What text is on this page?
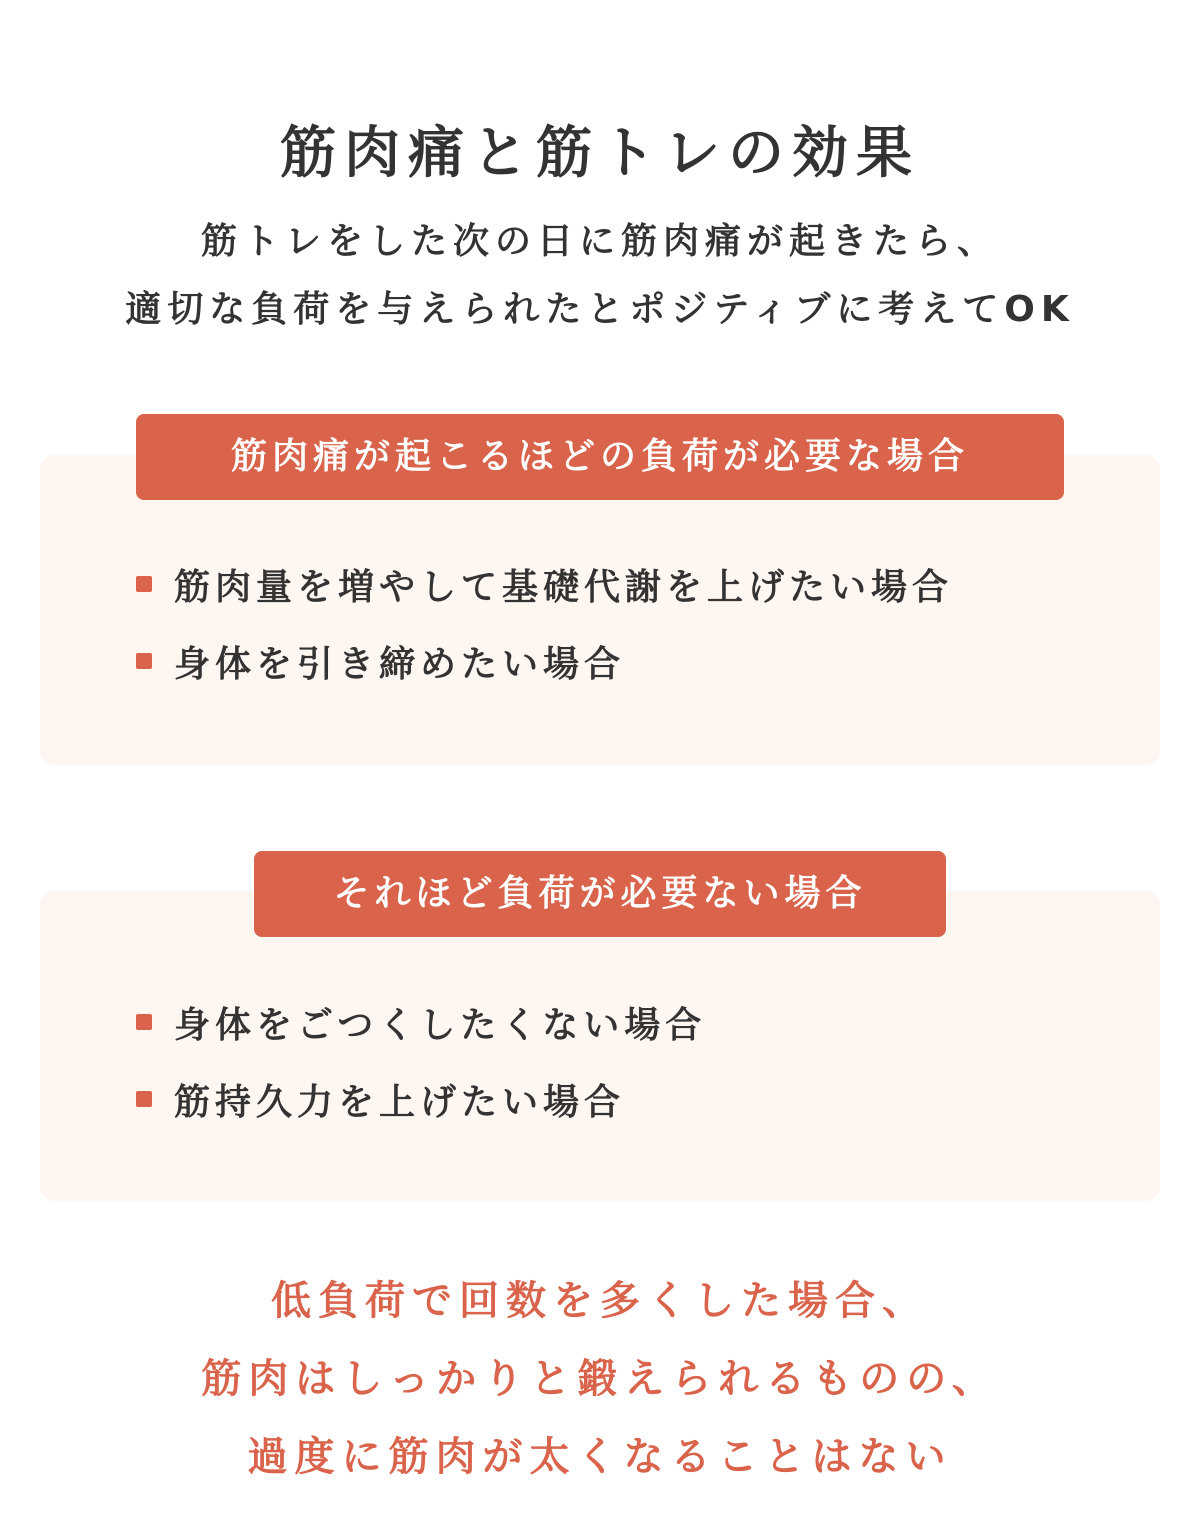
筋肉痛と筋トレの効果

筋トレをした次の日に筋肉痛が起きたら、
適切な負荷を与えられたとポジティブに考えてOK

筋肉痛が起こるほどの負荷が必要な場合
筋肉量を増やして基礎代謝を上げたい場合
身体を引き締めたい場合
それほど負荷が必要ない場合
身体をごつくしたくない場合
筋持久力を上げたい場合

低負荷で回数を多くした場合、
筋肉はしっかりと鍛えられるものの、
過度に筋肉が太くなることはない
